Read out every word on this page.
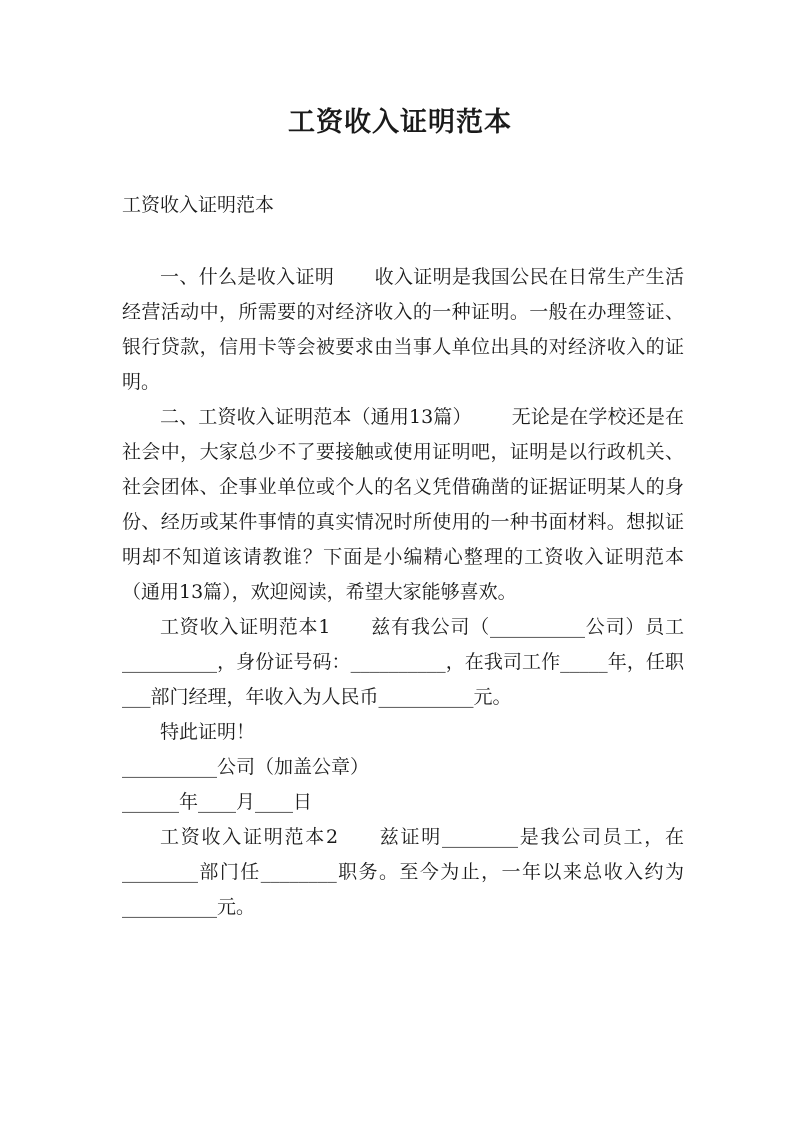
工资收入证明范本
工资收入证明范本

一、什么是收入证明 收入证明是我国公民在日常生产生活经营活动中，所需要的对经济收入的一种证明。一般在办理签证、银行贷款，信用卡等会被要求由当事人单位出具的对经济收入的证明。

二、工资收入证明范本（通用13篇） 无论是在学校还是在社会中，大家总少不了要接触或使用证明吧，证明是以行政机关、社会团体、企事业单位或个人的名义凭借确凿的证据证明某人的身份、经历或某件事情的真实情况时所使用的一种书面材料。想拟证明却不知道该请教谁？下面是小编精心整理的工资收入证明范本（通用13篇），欢迎阅读，希望大家能够喜欢。

工资收入证明范本1 兹有我公司（__________公司）员工__________，身份证号码：__________，在我司工作_____年，任职___部门经理，年收入为人民币__________元。

特此证明！

__________公司（加盖公章）

______年____月____日

工资收入证明范本2 兹证明________是我公司员工，在________部门任________职务。至今为止，一年以来总收入约为__________元。
